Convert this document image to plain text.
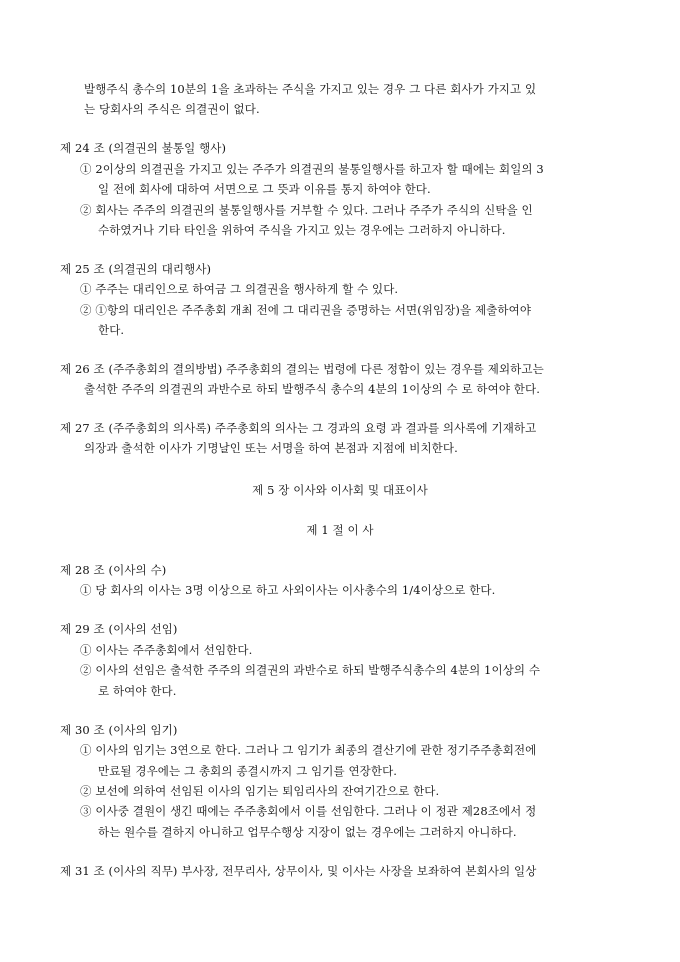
발행주식 총수의 10분의 1을 초과하는 주식을 가지고 있는 경우 그 다른 회사가 가지고 있
는 당회사의 주식은 의결권이 없다.
제 24 조 (의결권의 불통일 행사)
① 2이상의 의결권을 가지고 있는 주주가 의결권의 불통일행사를 하고자 할 때에는 회일의 3
일 전에 회사에 대하여 서면으로 그 뜻과 이유를 통지 하여야 한다.
② 회사는 주주의 의결권의 불통일행사를 거부할 수 있다. 그러나 주주가 주식의 신탁을 인
수하였거나 기타 타인을 위하여 주식을 가지고 있는 경우에는 그러하지 아니하다.
제 25 조 (의결권의 대리행사)
① 주주는 대리인으로 하여금 그 의결권을 행사하게 할 수 있다.
② ①항의 대리인은 주주총회 개최 전에 그 대리권을 증명하는 서면(위임장)을 제출하여야
한다.
제 26 조 (주주총회의 결의방법) 주주총회의 결의는 법령에 다른 정함이 있는 경우를 제외하고는
출석한 주주의 의결권의 과반수로 하되 발행주식 총수의 4분의 1이상의 수 로 하여야 한다.
제 27 조 (주주총회의 의사록) 주주총회의 의사는 그 경과의 요령 과 결과를 의사록에 기재하고
의장과 출석한 이사가 기명날인 또는 서명을 하여 본점과 지점에 비치한다.
제 5 장 이사와 이사회 및 대표이사
제 1 절 이 사
제 28 조 (이사의 수)
① 당 회사의 이사는 3명 이상으로 하고 사외이사는 이사총수의 1/4이상으로 한다.
제 29 조 (이사의 선임)
① 이사는 주주총회에서 선임한다.
② 이사의 선임은 출석한 주주의 의결권의 과반수로 하되 발행주식총수의 4분의 1이상의 수
로 하여야 한다.
제 30 조 (이사의 임기)
① 이사의 임기는 3연으로 한다. 그러나 그 임기가 최종의 결산기에 관한 정기주주총회전에
만료될 경우에는 그 총회의 종결시까지 그 임기를 연장한다.
② 보선에 의하여 선임된 이사의 임기는 퇴임리사의 잔여기간으로 한다.
③ 이사중 결원이 생긴 때에는 주주총회에서 이를 선임한다. 그러나 이 정관 제28조에서 정
하는 원수를 결하지 아니하고 업무수행상 지장이 없는 경우에는 그러하지 아니하다.
제 31 조 (이사의 직무) 부사장, 전무리사, 상무이사, 및 이사는 사장을 보좌하여 본회사의 일상
